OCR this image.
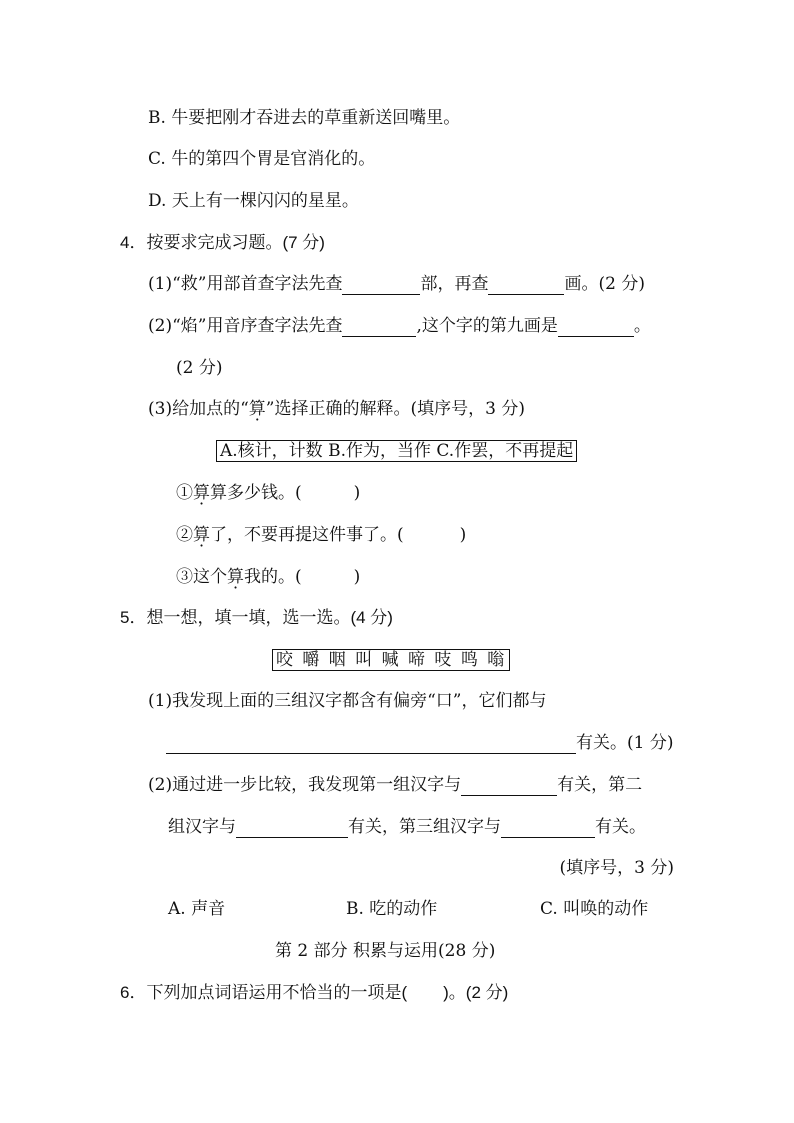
B. 牛要把刚才吞进去的草重新送回嘴里。
C. 牛的第四个胃是官消化的。
D. 天上有一棵闪闪的星星。
4．按要求完成习题。(7 分)
(1)“救”用部首查字法先查	部，再查	画。(2 分)
(2)“焰”用音序查字法先查	,这个字的第九画是	。
(2 分)
(3)给加点的“算”选择正确的解释。(填序号，3 分)
A.核计，计数 B.作为，当作 C.作罢，不再提起
①算算多少钱。(	)
②算了，不要再提这件事了。(	)
③这个算我的。(	)
5．想一想，填一填，选一选。(4 分)
咬 嚼 咽 叫 喊 啼 吱 鸣 嗡
(1)我发现上面的三组汉字都含有偏旁“口”，它们都与
有关。(1 分)
(2)通过进一步比较，我发现第一组汉字与	有关，第二
组汉字与	有关，第三组汉字与	有关。
(填序号，3 分)
A. 声音	B. 吃的动作	C. 叫唤的动作
第 2 部分 积累与运用(28 分)
6．下列加点词语运用不恰当的一项是( )。(2 分)
